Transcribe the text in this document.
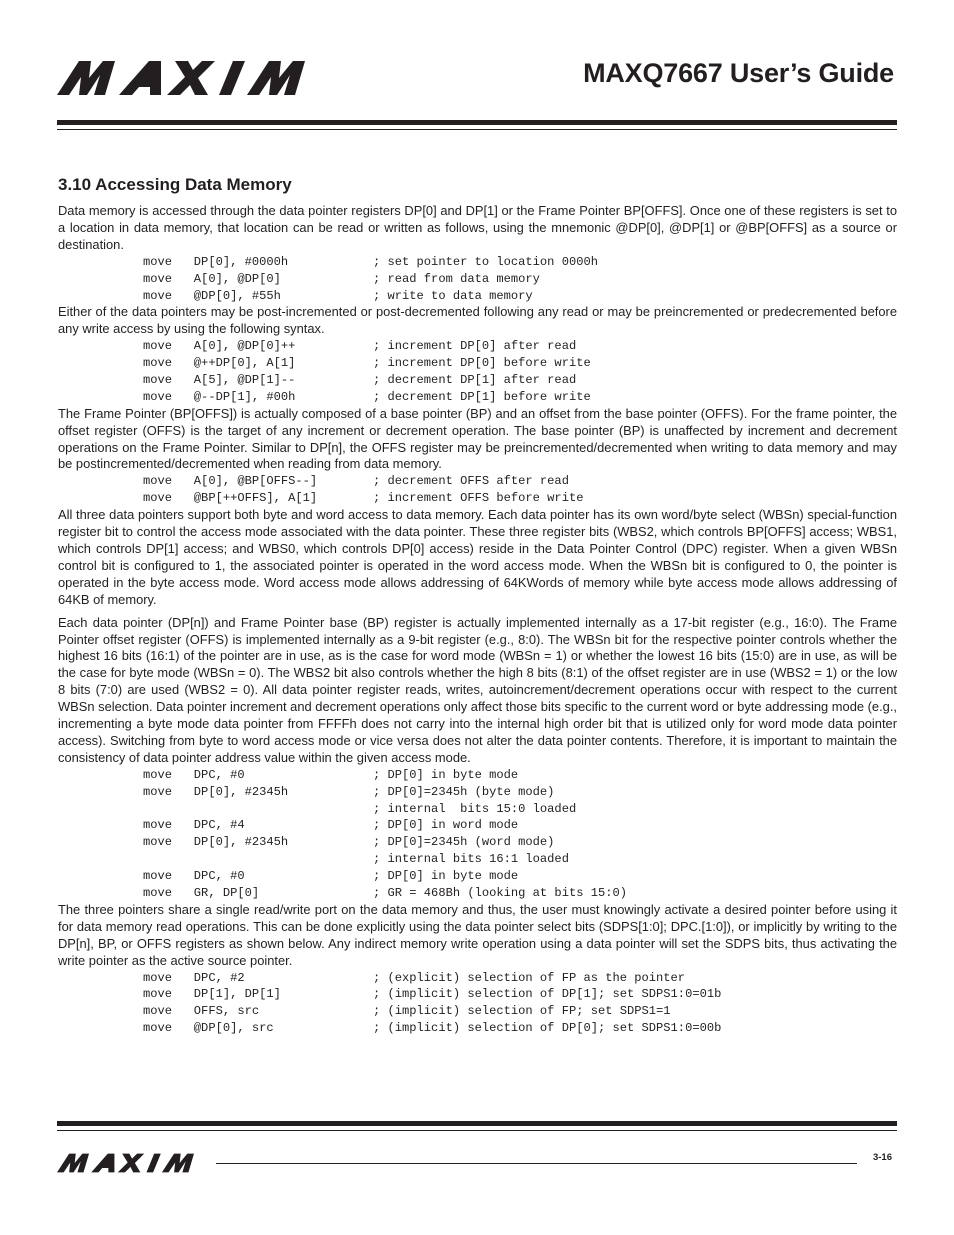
MAXQ7667 User’s Guide
3.10 Accessing Data Memory

Data memory is accessed through the data pointer registers DP[0] and DP[1] or the Frame Pointer BP[OFFS]. Once one of these registers is set to a location in data memory, that location can be read or written as follows, using the mnemonic @DP[0], @DP[1] or @BP[OFFS] as a source or destination.

move   DP[0], #0000h	; set pointer to location 0000h
move   A[0], @DP[0]	; read from data memory
move   @DP[0], #55h	; write to data memory

Either of the data pointers may be post-incremented or post-decremented following any read or may be preincremented or predecremented before any write access by using the following syntax.

move   A[0], @DP[0]++	; increment DP[0] after read
move   @++DP[0], A[1]	; increment DP[0] before write
move   A[5], @DP[1]--	; decrement DP[1] after read
move   @--DP[1], #00h	; decrement DP[1] before write

The Frame Pointer (BP[OFFS]) is actually composed of a base pointer (BP) and an offset from the base pointer (OFFS). For the frame pointer, the offset register (OFFS) is the target of any increment or decrement operation. The base pointer (BP) is unaffected by increment and decrement operations on the Frame Pointer. Similar to DP[n], the OFFS register may be preincremented/decremented when writing to data memory and may be postincremented/decremented when reading from data memory.

move   A[0], @BP[OFFS--]	; decrement OFFS after read
move   @BP[++OFFS], A[1]	; increment OFFS before write

All three data pointers support both byte and word access to data memory. Each data pointer has its own word/byte select (WBSn) special-function register bit to control the access mode associated with the data pointer. These three register bits (WBS2, which controls BP[OFFS] access; WBS1, which controls DP[1] access; and WBS0, which controls DP[0] access) reside in the Data Pointer Control (DPC) register. When a given WBSn control bit is configured to 1, the associated pointer is operated in the word access mode. When the WBSn bit is configured to 0, the pointer is operated in the byte access mode. Word access mode allows addressing of 64KWords of memory while byte access mode allows addressing of 64KB of memory.

Each data pointer (DP[n]) and Frame Pointer base (BP) register is actually implemented internally as a 17-bit register (e.g., 16:0). The Frame Pointer offset register (OFFS) is implemented internally as a 9-bit register (e.g., 8:0). The WBSn bit for the respective pointer controls whether the highest 16 bits (16:1) of the pointer are in use, as is the case for word mode (WBSn = 1) or whether the lowest 16 bits (15:0) are in use, as will be the case for byte mode (WBSn = 0). The WBS2 bit also controls whether the high 8 bits (8:1) of the offset register are in use (WBS2 = 1) or the low 8 bits (7:0) are used (WBS2 = 0). All data pointer register reads, writes, autoincrement/decrement operations occur with respect to the current WBSn selection. Data pointer increment and decrement operations only affect those bits specific to the current word or byte addressing mode (e.g., incrementing a byte mode data pointer from FFFFh does not carry into the internal high order bit that is utilized only for word mode data pointer access). Switching from byte to word access mode or vice versa does not alter the data pointer contents. Therefore, it is important to maintain the consistency of data pointer address value within the given access mode.

move   DPC, #0	; DP[0] in byte mode
move   DP[0], #2345h	; DP[0]=2345h (byte mode)
; internal  bits 15:0 loaded
move   DPC, #4	; DP[0] in word mode
move   DP[0], #2345h	; DP[0]=2345h (word mode)
; internal bits 16:1 loaded
move   DPC, #0	; DP[0] in byte mode
move   GR, DP[0]	; GR = 468Bh (looking at bits 15:0)

The three pointers share a single read/write port on the data memory and thus, the user must knowingly activate a desired pointer before using it for data memory read operations. This can be done explicitly using the data pointer select bits (SDPS[1:0]; DPC.[1:0]), or implicitly by writing to the DP[n], BP, or OFFS registers as shown below. Any indirect memory write operation using a data pointer will set the SDPS bits, thus activating the write pointer as the active source pointer.

move   DPC, #2	; (explicit) selection of FP as the pointer
move   DP[1], DP[1]	; (implicit) selection of DP[1]; set SDPS1:0=01b
move   OFFS, src	; (implicit) selection of FP; set SDPS1=1
move   @DP[0], src	; (implicit) selection of DP[0]; set SDPS1:0=00b

3-16
